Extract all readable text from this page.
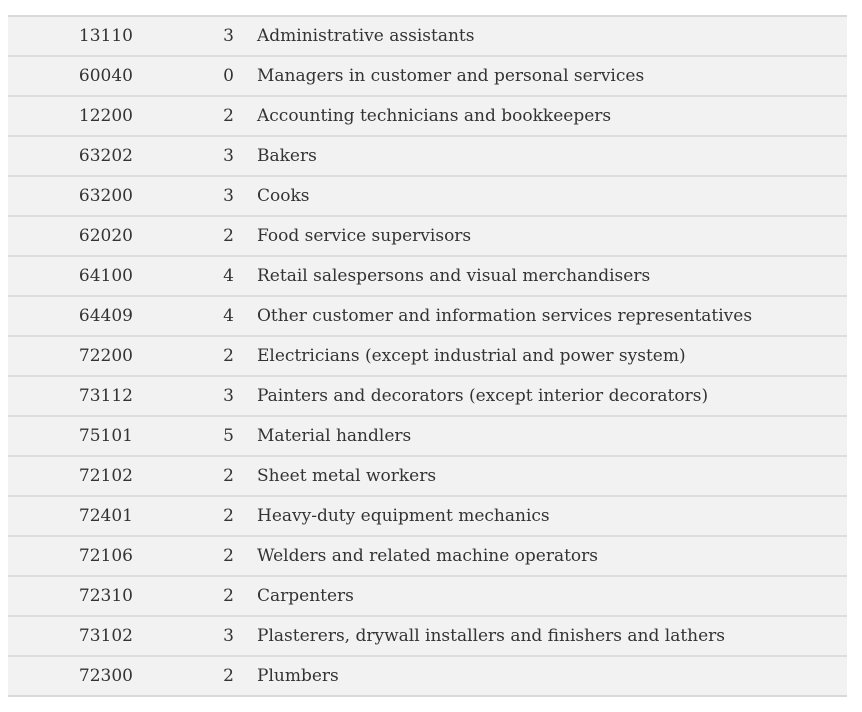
13110	3	Administrative assistants
60040	0	Managers in customer and personal services
12200	2	Accounting technicians and bookkeepers
63202	3	Bakers
63200	3	Cooks
62020	2	Food service supervisors
64100	4	Retail salespersons and visual merchandisers
64409	4	Other customer and information services representatives
72200	2	Electricians (except industrial and power system)
73112	3	Painters and decorators (except interior decorators)
75101	5	Material handlers
72102	2	Sheet metal workers
72401	2	Heavy-duty equipment mechanics
72106	2	Welders and related machine operators
72310	2	Carpenters
73102	3	Plasterers, drywall installers and finishers and lathers
72300	2	Plumbers
